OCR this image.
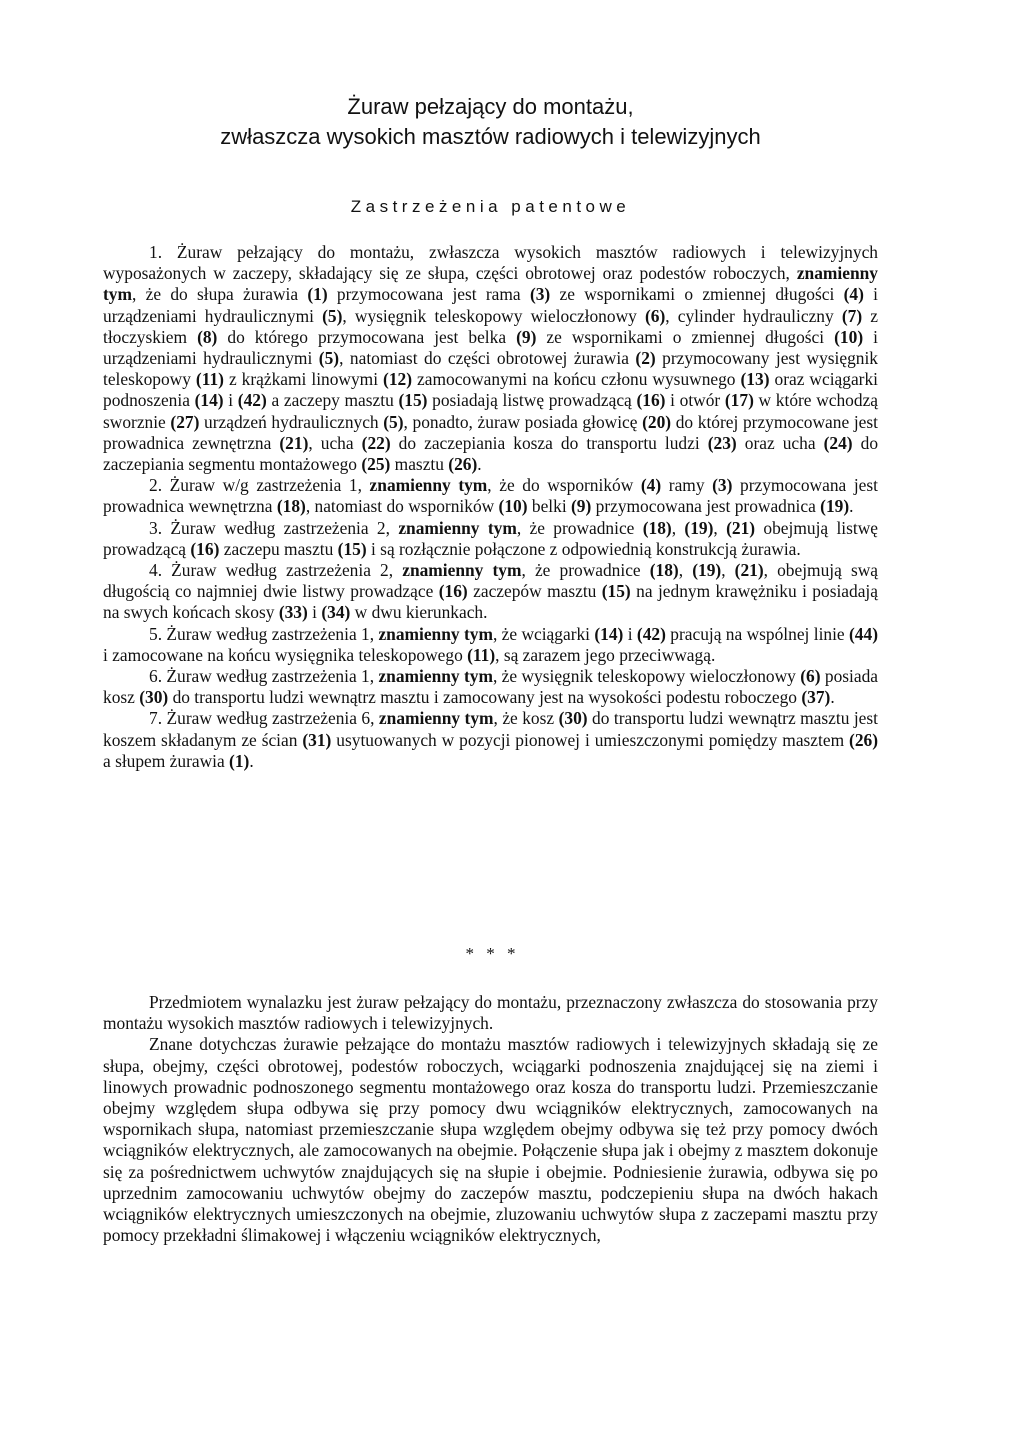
Żuraw pełzający do montażu,
zwłaszcza wysokich masztów radiowych i telewizyjnych

Zastrzeżenia patentowe

1. Żuraw pełzający do montażu, zwłaszcza wysokich masztów radiowych i telewizyjnych wyposażonych w zaczepy, składający się ze słupa, części obrotowej oraz podestów roboczych, znamienny tym, że do słupa żurawia (1) przymocowana jest rama (3) ze wspornikami o zmiennej długości (4) i urządzeniami hydraulicznymi (5), wysięgnik teleskopowy wieloczłonowy (6), cylinder hydrauliczny (7) z tłoczyskiem (8) do którego przymocowana jest belka (9) ze wspornikami o zmiennej długości (10) i urządzeniami hydraulicznymi (5), natomiast do części obrotowej żurawia (2) przymocowany jest wysięgnik teleskopowy (11) z krążkami linowymi (12) zamocowanymi na końcu członu wysuwnego (13) oraz wciągarki podnoszenia (14) i (42) a zaczepy masztu (15) posiadają listwę prowadzącą (16) i otwór (17) w które wchodzą sworznie (27) urządzeń hydraulicznych (5), ponadto, żuraw posiada głowicę (20) do której przymocowane jest prowadnica zewnętrzna (21), ucha (22) do zaczepiania kosza do transportu ludzi (23) oraz ucha (24) do zaczepiania segmentu montażowego (25) masztu (26).

2. Żuraw w/g zastrzeżenia 1, znamienny tym, że do wsporników (4) ramy (3) przymocowana jest prowadnica wewnętrzna (18), natomiast do wsporników (10) belki (9) przymocowana jest prowadnica (19).

3. Żuraw według zastrzeżenia 2, znamienny tym, że prowadnice (18), (19), (21) obejmują listwę prowadzącą (16) zaczepu masztu (15) i są rozłącznie połączone z odpowiednią konstrukcją żurawia.

4. Żuraw według zastrzeżenia 2, znamienny tym, że prowadnice (18), (19), (21), obejmują swą długością co najmniej dwie listwy prowadzące (16) zaczepów masztu (15) na jednym krawężniku i posiadają na swych końcach skosy (33) i (34) w dwu kierunkach.

5. Żuraw według zastrzeżenia 1, znamienny tym, że wciągarki (14) i (42) pracują na wspólnej linie (44) i zamocowane na końcu wysięgnika teleskopowego (11), są zarazem jego przeciwwagą.

6. Żuraw według zastrzeżenia 1, znamienny tym, że wysięgnik teleskopowy wieloczłonowy (6) posiada kosz (30) do transportu ludzi wewnątrz masztu i zamocowany jest na wysokości podestu roboczego (37).

7. Żuraw według zastrzeżenia 6, znamienny tym, że kosz (30) do transportu ludzi wewnątrz masztu jest koszem składanym ze ścian (31) usytuowanych w pozycji pionowej i umieszczonymi pomiędzy masztem (26) a słupem żurawia (1).

* * *

Przedmiotem wynalazku jest żuraw pełzający do montażu, przeznaczony zwłaszcza do stosowania przy montażu wysokich masztów radiowych i telewizyjnych.

Znane dotychczas żurawie pełzające do montażu masztów radiowych i telewizyjnych składają się ze słupa, obejmy, części obrotowej, podestów roboczych, wciągarki podnoszenia znajdującej się na ziemi i linowych prowadnic podnoszonego segmentu montażowego oraz kosza do transportu ludzi. Przemieszczanie obejmy względem słupa odbywa się przy pomocy dwu wciągników elektrycznych, zamocowanych na wspornikach słupa, natomiast przemieszczanie słupa względem obejmy odbywa się też przy pomocy dwóch wciągników elektrycznych, ale zamocowanych na obejmie. Połączenie słupa jak i obejmy z masztem dokonuje się za pośrednictwem uchwytów znajdujących się na słupie i obejmie. Podniesienie żurawia, odbywa się po uprzednim zamocowaniu uchwytów obejmy do zaczepów masztu, podczepieniu słupa na dwóch hakach wciągników elektrycznych umieszczonych na obejmie, zluzowaniu uchwytów słupa z zaczepami masztu przy pomocy przekładni ślimakowej i włączeniu wciągników elektrycznych,
